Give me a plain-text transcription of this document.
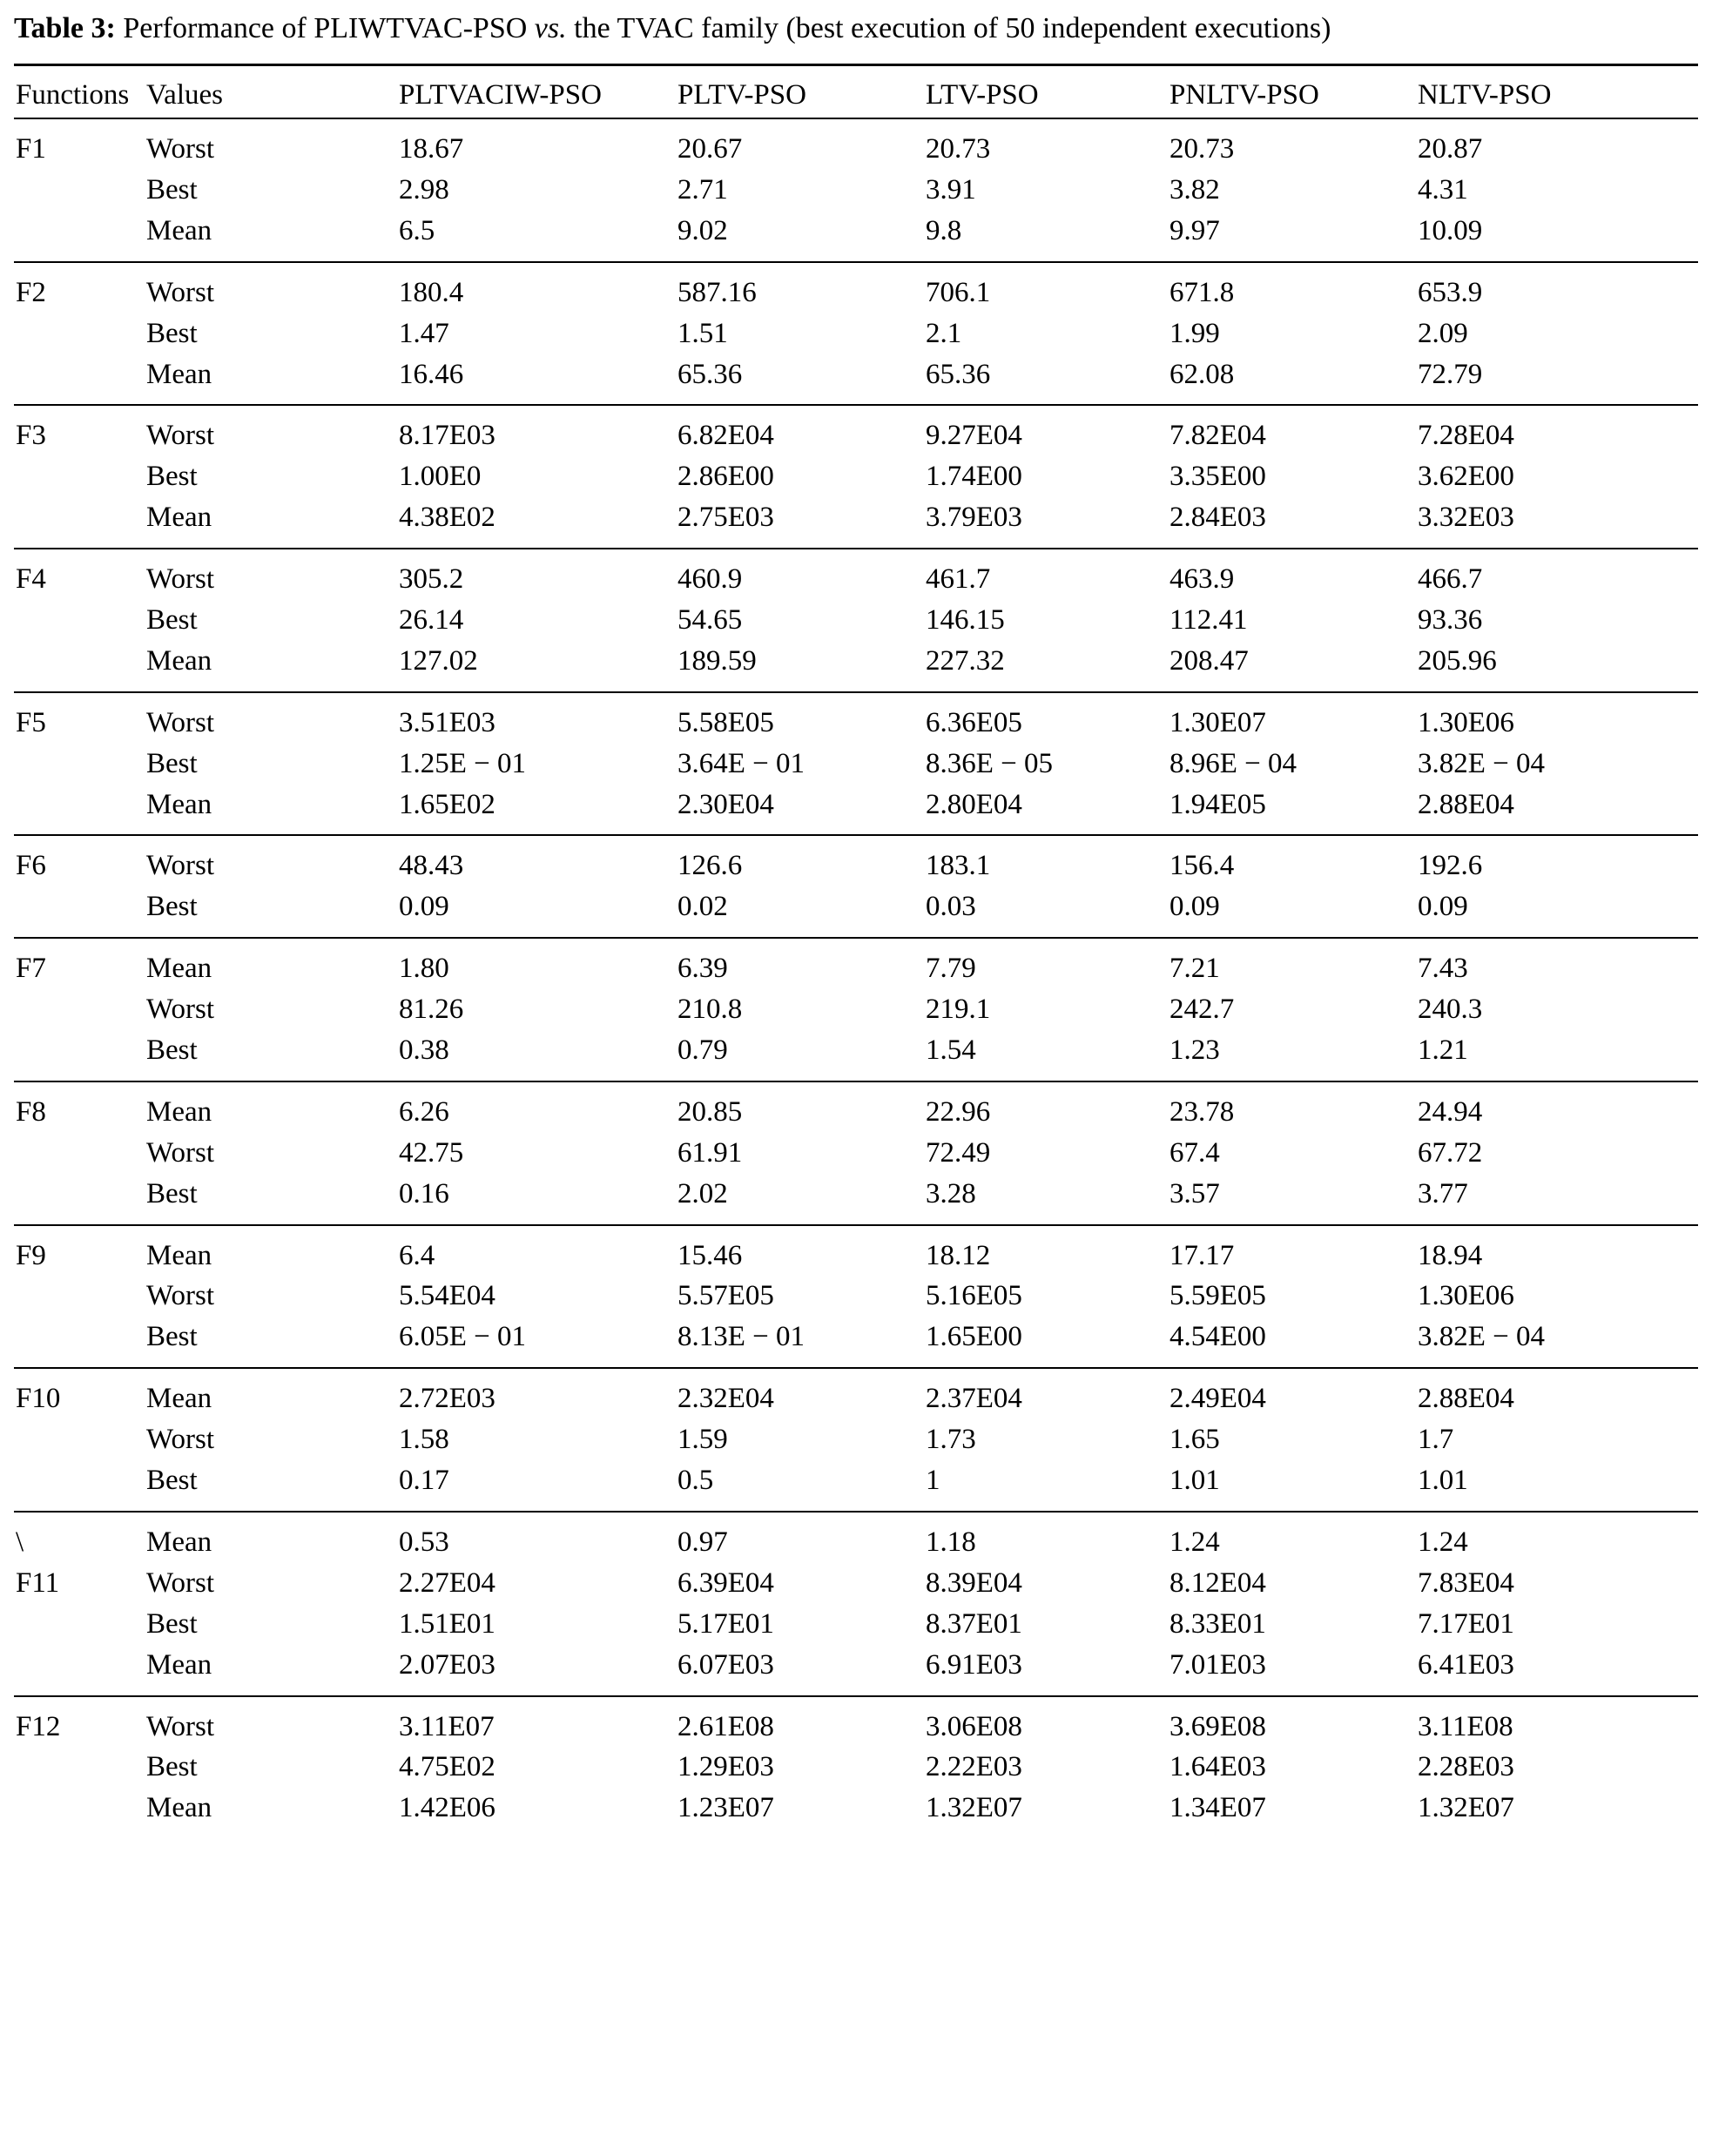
Table 3: Performance of PLIWTVAC-PSO vs. the TVAC family (best execution of 50 independent executions)
Functions	Values	PLTVACIW-PSO	PLTV-PSO	LTV-PSO	PNLTV-PSO	NLTV-PSO
F1	Worst	18.67	20.67	20.73	20.73	20.87
	Best	2.98	2.71	3.91	3.82	4.31
	Mean	6.5	9.02	9.8	9.97	10.09
F2	Worst	180.4	587.16	706.1	671.8	653.9
	Best	1.47	1.51	2.1	1.99	2.09
	Mean	16.46	65.36	65.36	62.08	72.79
F3	Worst	8.17E03	6.82E04	9.27E04	7.82E04	7.28E04
	Best	1.00E0	2.86E00	1.74E00	3.35E00	3.62E00
	Mean	4.38E02	2.75E03	3.79E03	2.84E03	3.32E03
F4	Worst	305.2	460.9	461.7	463.9	466.7
	Best	26.14	54.65	146.15	112.41	93.36
	Mean	127.02	189.59	227.32	208.47	205.96
F5	Worst	3.51E03	5.58E05	6.36E05	1.30E07	1.30E06
	Best	1.25E − 01	3.64E − 01	8.36E − 05	8.96E − 04	3.82E − 04
	Mean	1.65E02	2.30E04	2.80E04	1.94E05	2.88E04
F6	Worst	48.43	126.6	183.1	156.4	192.6
	Best	0.09	0.02	0.03	0.09	0.09
F7	Mean	1.80	6.39	7.79	7.21	7.43
	Worst	81.26	210.8	219.1	242.7	240.3
	Best	0.38	0.79	1.54	1.23	1.21
F8	Mean	6.26	20.85	22.96	23.78	24.94
	Worst	42.75	61.91	72.49	67.4	67.72
	Best	0.16	2.02	3.28	3.57	3.77
F9	Mean	6.4	15.46	18.12	17.17	18.94
	Worst	5.54E04	5.57E05	5.16E05	5.59E05	1.30E06
	Best	6.05E − 01	8.13E − 01	1.65E00	4.54E00	3.82E − 04
F10	Mean	2.72E03	2.32E04	2.37E04	2.49E04	2.88E04
	Worst	1.58	1.59	1.73	1.65	1.7
	Best	0.17	0.5	1	1.01	1.01
\	Mean	0.53	0.97	1.18	1.24	1.24
F11	Worst	2.27E04	6.39E04	8.39E04	8.12E04	7.83E04
	Best	1.51E01	5.17E01	8.37E01	8.33E01	7.17E01
	Mean	2.07E03	6.07E03	6.91E03	7.01E03	6.41E03
F12	Worst	3.11E07	2.61E08	3.06E08	3.69E08	3.11E08
	Best	4.75E02	1.29E03	2.22E03	1.64E03	2.28E03
	Mean	1.42E06	1.23E07	1.32E07	1.34E07	1.32E07
